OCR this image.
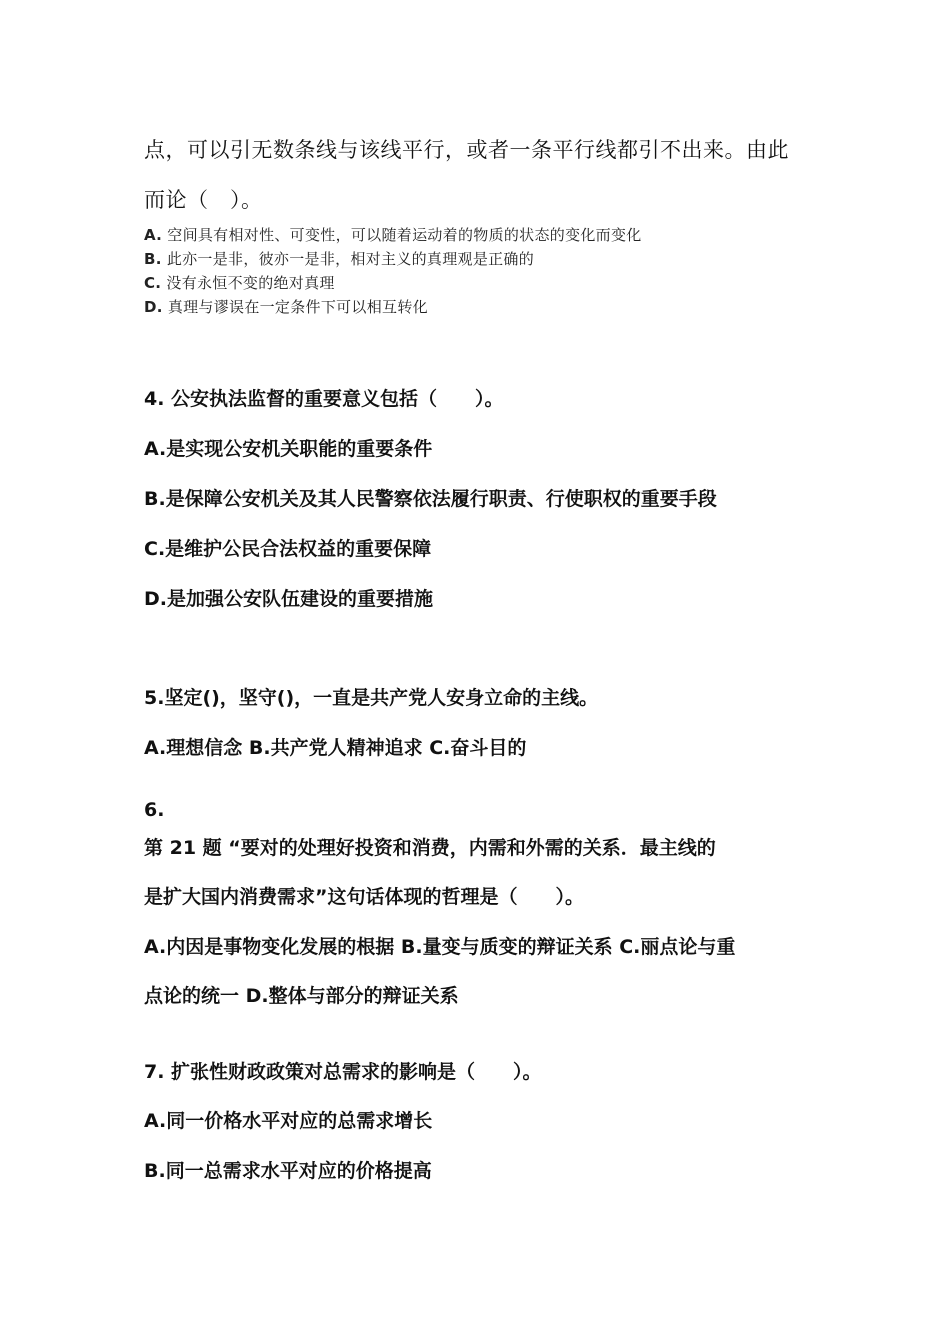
点，可以引无数条线与该线平行，或者一条平行线都引不出来。由此
而论（　）。
A. 空间具有相对性、可变性，可以随着运动着的物质的状态的变化而变化
B. 此亦一是非，彼亦一是非，相对主义的真理观是正确的
C. 没有永恒不变的绝对真理
D. 真理与谬误在一定条件下可以相互转化
4. 公安执法监督的重要意义包括（　　）。
A.是实现公安机关职能的重要条件
B.是保障公安机关及其人民警察依法履行职责、行使职权的重要手段
C.是维护公民合法权益的重要保障
D.是加强公安队伍建设的重要措施
5.坚定()，坚守()，一直是共产党人安身立命的主线。
A.理想信念 B.共产党人精神追求 C.奋斗目的
6.
第 21 题 “要对的处理好投资和消费，内需和外需的关系．最主线的
是扩大国内消费需求”这句话体现的哲理是（　　）。
A.内因是事物变化发展的根据 B.量变与质变的辩证关系 C.丽点论与重
点论的统一 D.整体与部分的辩证关系
7. 扩张性财政政策对总需求的影响是（　　）。
A.同一价格水平对应的总需求增长
B.同一总需求水平对应的价格提高
